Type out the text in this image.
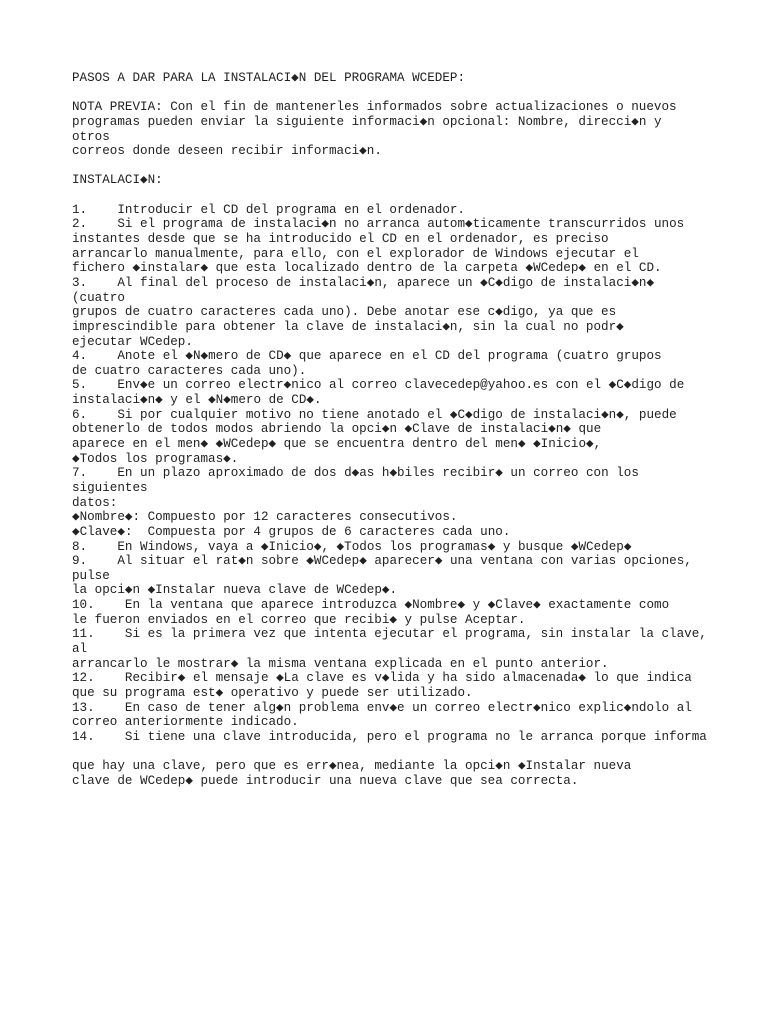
PASOS A DAR PARA LA INSTALACI◆N DEL PROGRAMA WCEDEP:
NOTA PREVIA: Con el fin de mantenerles informados sobre actualizaciones o nuevos
programas pueden enviar la siguiente informaci◆n opcional: Nombre, direcci◆n y
otros
correos donde deseen recibir informaci◆n.
INSTALACI◆N:
1.    Introducir el CD del programa en el ordenador.
2.    Si el programa de instalaci◆n no arranca autom◆ticamente transcurridos unos
instantes desde que se ha introducido el CD en el ordenador, es preciso
arrancarlo manualmente, para ello, con el explorador de Windows ejecutar el
fichero ◆instalar◆ que esta localizado dentro de la carpeta ◆WCedep◆ en el CD.
3.    Al final del proceso de instalaci◆n, aparece un ◆C◆digo de instalaci◆n◆
(cuatro
grupos de cuatro caracteres cada uno). Debe anotar ese c◆digo, ya que es
imprescindible para obtener la clave de instalaci◆n, sin la cual no podr◆
ejecutar WCedep.
4.    Anote el ◆N◆mero de CD◆ que aparece en el CD del programa (cuatro grupos
de cuatro caracteres cada uno).
5.    Env◆e un correo electr◆nico al correo clavecedep@yahoo.es con el ◆C◆digo de
instalaci◆n◆ y el ◆N◆mero de CD◆.
6.    Si por cualquier motivo no tiene anotado el ◆C◆digo de instalaci◆n◆, puede
obtenerlo de todos modos abriendo la opci◆n ◆Clave de instalaci◆n◆ que
aparece en el men◆ ◆WCedep◆ que se encuentra dentro del men◆ ◆Inicio◆,
◆Todos los programas◆.
7.    En un plazo aproximado de dos d◆as h◆biles recibir◆ un correo con los
siguientes
datos:
◆Nombre◆: Compuesto por 12 caracteres consecutivos.
◆Clave◆:  Compuesta por 4 grupos de 6 caracteres cada uno.
8.    En Windows, vaya a ◆Inicio◆, ◆Todos los programas◆ y busque ◆WCedep◆
9.    Al situar el rat◆n sobre ◆WCedep◆ aparecer◆ una ventana con varias opciones,
pulse
la opci◆n ◆Instalar nueva clave de WCedep◆.
10.    En la ventana que aparece introduzca ◆Nombre◆ y ◆Clave◆ exactamente como
le fueron enviados en el correo que recibi◆ y pulse Aceptar.
11.    Si es la primera vez que intenta ejecutar el programa, sin instalar la clave,
al
arrancarlo le mostrar◆ la misma ventana explicada en el punto anterior.
12.    Recibir◆ el mensaje ◆La clave es v◆lida y ha sido almacenada◆ lo que indica
que su programa est◆ operativo y puede ser utilizado.
13.    En caso de tener alg◆n problema env◆e un correo electr◆nico explic◆ndolo al
correo anteriormente indicado.
14.    Si tiene una clave introducida, pero el programa no le arranca porque informa
que hay una clave, pero que es err◆nea, mediante la opci◆n ◆Instalar nueva
clave de WCedep◆ puede introducir una nueva clave que sea correcta.
